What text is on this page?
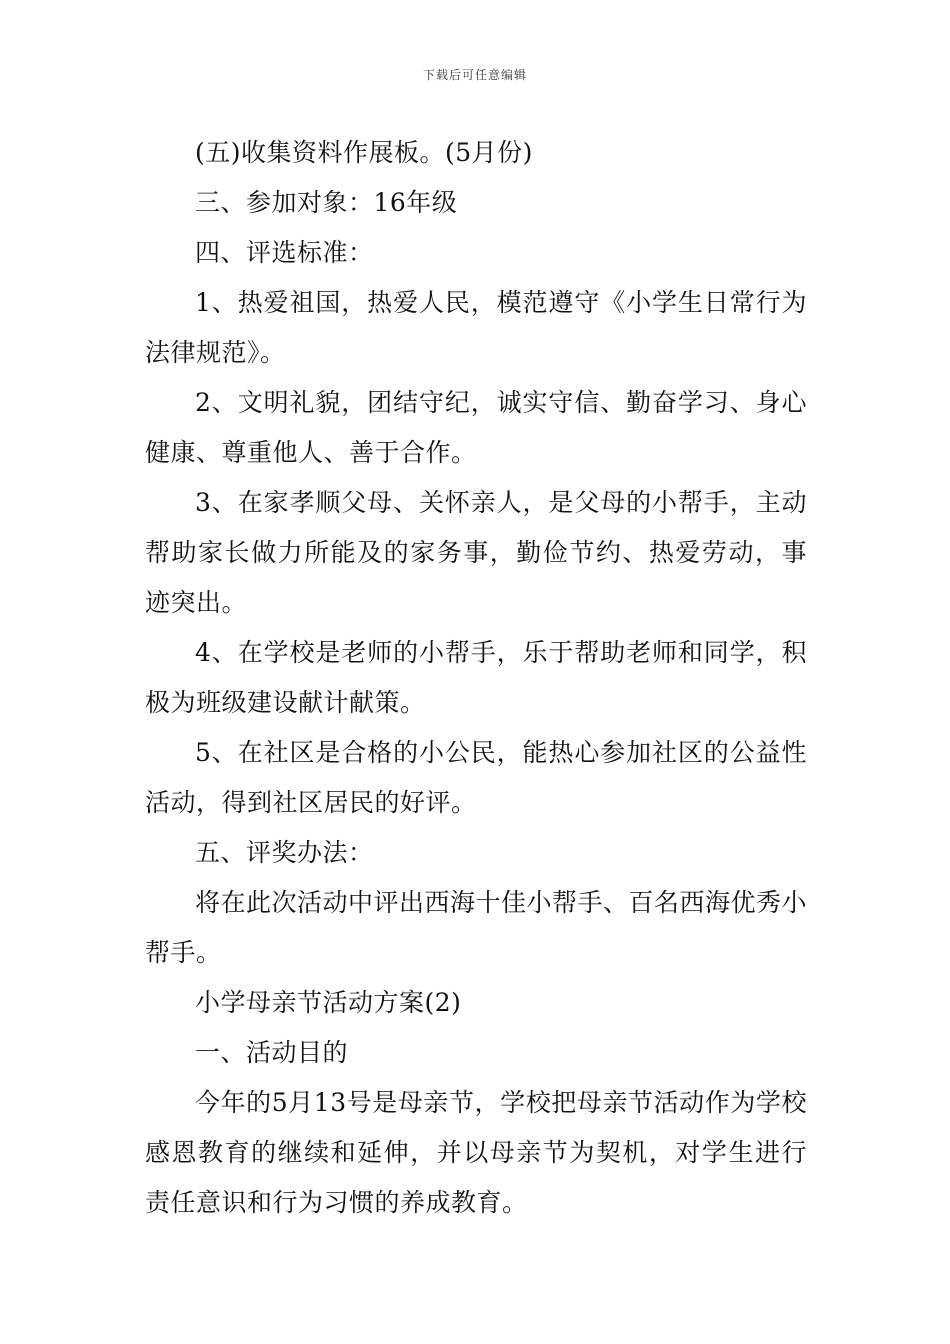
下载后可任意编辑

(五)收集资料作展板。(5月份)

三、参加对象：16年级

四、评选标准：

1、热爱祖国，热爱人民，模范遵守《小学生日常行为法律规范》。

2、文明礼貌，团结守纪，诚实守信、勤奋学习、身心健康、尊重他人、善于合作。

3、在家孝顺父母、关怀亲人，是父母的小帮手，主动帮助家长做力所能及的家务事，勤俭节约、热爱劳动，事迹突出。

4、在学校是老师的小帮手，乐于帮助老师和同学，积极为班级建设献计献策。

5、在社区是合格的小公民，能热心参加社区的公益性活动，得到社区居民的好评。

五、评奖办法：

将在此次活动中评出西海十佳小帮手、百名西海优秀小帮手。

小学母亲节活动方案(2)

一、活动目的

今年的5月13号是母亲节，学校把母亲节活动作为学校感恩教育的继续和延伸，并以母亲节为契机，对学生进行责任意识和行为习惯的养成教育。
